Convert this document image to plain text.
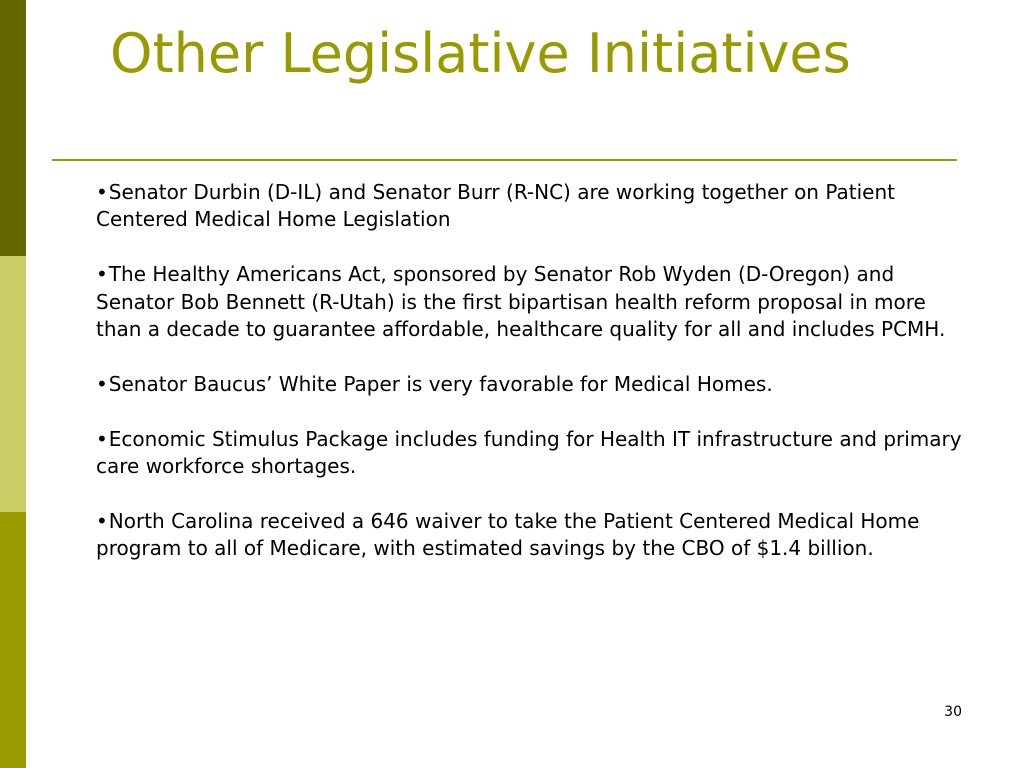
Other Legislative Initiatives
•Senator Durbin (D-IL) and Senator Burr (R-NC) are working together on Patient Centered Medical Home Legislation
•The Healthy Americans Act, sponsored by Senator Rob Wyden (D-Oregon) and Senator Bob Bennett (R-Utah) is the first bipartisan health reform proposal in more than a decade to guarantee affordable, healthcare quality for all and includes PCMH.
•Senator Baucus’ White Paper is very favorable for Medical Homes.
•Economic Stimulus Package includes funding for Health IT infrastructure and primary care workforce shortages.
•North Carolina received a 646 waiver to take the Patient Centered Medical Home program to all of Medicare, with estimated savings by the CBO of $1.4 billion.
30
